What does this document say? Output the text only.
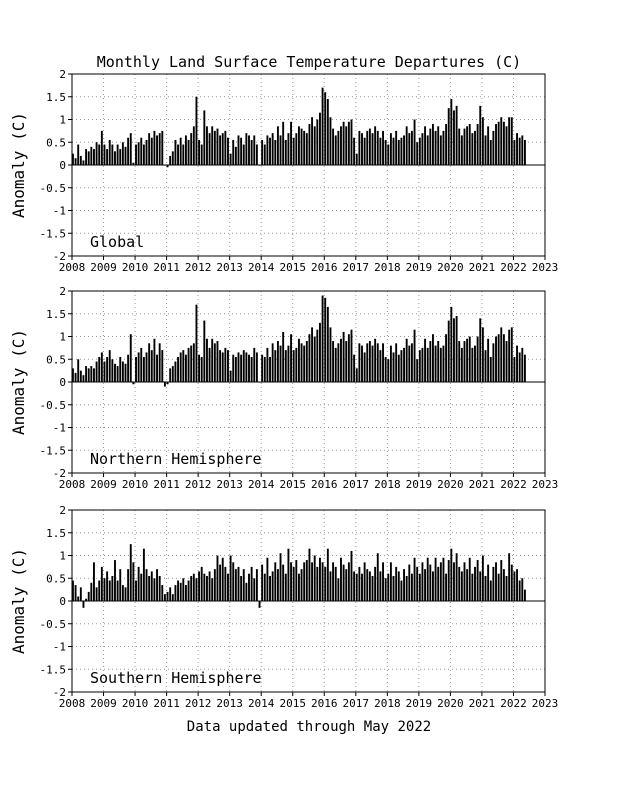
Monthly Land Surface Temperature Departures (C)
2
1.5
1
0.5
0
-0.5
-1
-1.5
-2
2008 2009 2010 2011 2012 2013 2014 2015 2016 2017 2018 2019 2020 2021 2022 2023
Anomaly (C)
Global
2
1.5
1
0.5
0
-0.5
-1
-1.5
-2
2008 2009 2010 2011 2012 2013 2014 2015 2016 2017 2018 2019 2020 2021 2022 2023
Anomaly (C)
Northern Hemisphere
2
1.5
1
0.5
0
-0.5
-1
-1.5
-2
2008 2009 2010 2011 2012 2013 2014 2015 2016 2017 2018 2019 2020 2021 2022 2023
Anomaly (C)
Southern Hemisphere
Data updated through May 2022
